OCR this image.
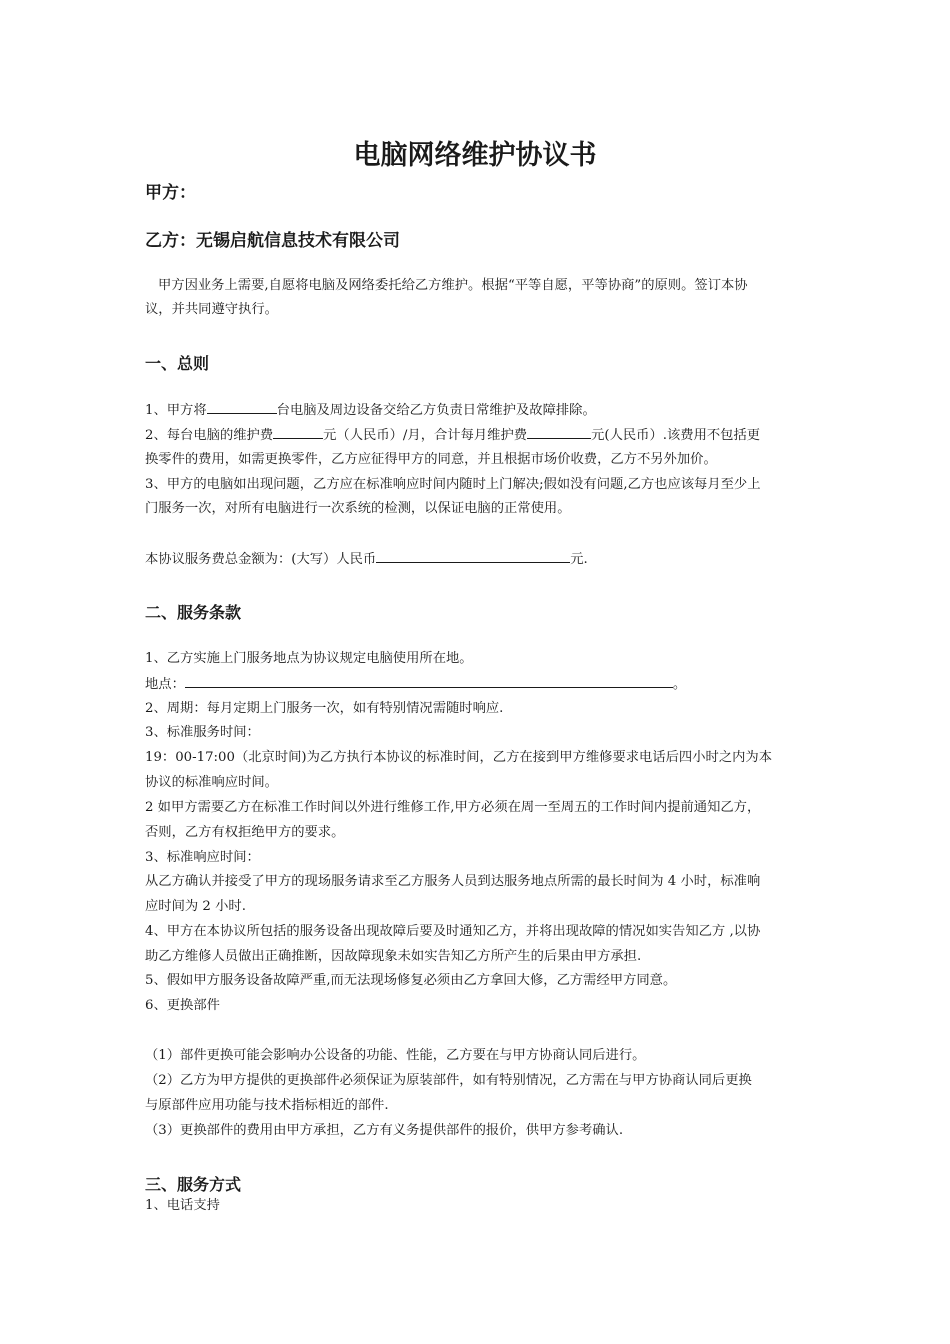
电脑网络维护协议书
甲方：
乙方：无锡启航信息技术有限公司
甲方因业务上需要,自愿将电脑及网络委托给乙方维护。根据“平等自愿，平等协商”的原则。签订本协
议，并共同遵守执行。
一、总则
1、甲方将	台电脑及周边设备交给乙方负责日常维护及故障排除。
2、每台电脑的维护费	元（人民币）/月，合计每月维护费	元(人民币）.该费用不包括更
换零件的费用，如需更换零件，乙方应征得甲方的同意，并且根据市场价收费，乙方不另外加价。
3、甲方的电脑如出现问题，乙方应在标准响应时间内随时上门解决;假如没有问题,乙方也应该每月至少上
门服务一次，对所有电脑进行一次系统的检测，以保证电脑的正常使用。
本协议服务费总金额为：(大写）人民币	元.
二、服务条款
1、乙方实施上门服务地点为协议规定电脑使用所在地。
地点：	。
2、周期：每月定期上门服务一次，如有特别情况需随时响应.
3、标准服务时间：
19：00-17:00（北京时间)为乙方执行本协议的标准时间，乙方在接到甲方维修要求电话后四小时之内为本
协议的标准响应时间。
2 如甲方需要乙方在标准工作时间以外进行维修工作,甲方必须在周一至周五的工作时间内提前通知乙方，
否则，乙方有权拒绝甲方的要求。
3、标准响应时间：
从乙方确认并接受了甲方的现场服务请求至乙方服务人员到达服务地点所需的最长时间为 4 小时，标准响
应时间为 2 小时.
4、甲方在本协议所包括的服务设备出现故障后要及时通知乙方，并将出现故障的情况如实告知乙方 ,以协
助乙方维修人员做出正确推断，因故障现象未如实告知乙方所产生的后果由甲方承担.
5、假如甲方服务设备故障严重,而无法现场修复必须由乙方拿回大修，乙方需经甲方同意。
6、更换部件
（1）部件更换可能会影响办公设备的功能、性能，乙方要在与甲方协商认同后进行。
（2）乙方为甲方提供的更换部件必须保证为原装部件，如有特别情况，乙方需在与甲方协商认同后更换
与原部件应用功能与技术指标相近的部件.
（3）更换部件的费用由甲方承担，乙方有义务提供部件的报价，供甲方参考确认.
三、服务方式
1、电话支持
